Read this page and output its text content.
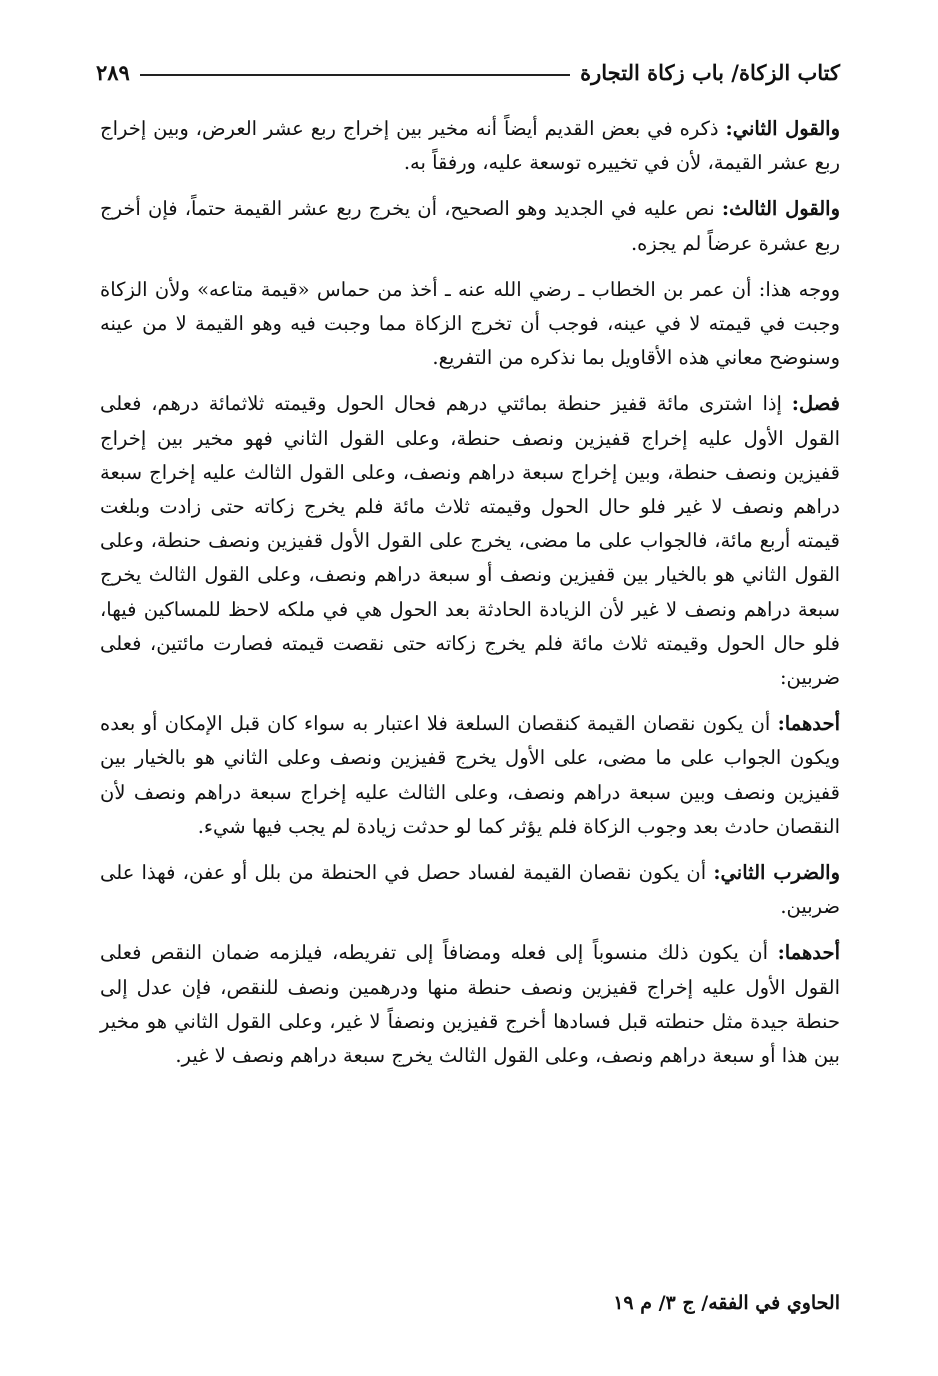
كتاب الزكاة/ باب زكاة التجارة
٢٨٩

والقول الثاني: ذكره في بعض القديم أيضاً أنه مخير بين إخراج ربع عشر العرض، وبين إخراج ربع عشر القيمة، لأن في تخييره توسعة عليه، ورفقاً به.

والقول الثالث: نص عليه في الجديد وهو الصحيح، أن يخرج ربع عشر القيمة حتماً، فإن أخرج ربع عشرة عرضاً لم يجزه.

ووجه هذا: أن عمر بن الخطاب ـ رضي الله عنه ـ أخذ من حماس «قيمة متاعه» ولأن الزكاة وجبت في قيمته لا في عينه، فوجب أن تخرج الزكاة مما وجبت فيه وهو القيمة لا من عينه وسنوضح معاني هذه الأقاويل بما نذكره من التفريع.

فصل: إذا اشترى مائة قفيز حنطة بمائتي درهم فحال الحول وقيمته ثلاثمائة درهم، فعلى القول الأول عليه إخراج قفيزين ونصف حنطة، وعلى القول الثاني فهو مخير بين إخراج قفيزين ونصف حنطة، وبين إخراج سبعة دراهم ونصف، وعلى القول الثالث عليه إخراج سبعة دراهم ونصف لا غير فلو حال الحول وقيمته ثلاث مائة فلم يخرج زكاته حتى زادت وبلغت قيمته أربع مائة، فالجواب على ما مضى، يخرج على القول الأول قفيزين ونصف حنطة، وعلى القول الثاني هو بالخيار بين قفيزين ونصف أو سبعة دراهم ونصف، وعلى القول الثالث يخرج سبعة دراهم ونصف لا غير لأن الزيادة الحادثة بعد الحول هي في ملكه لاحظ للمساكين فيها، فلو حال الحول وقيمته ثلاث مائة فلم يخرج زكاته حتى نقصت قيمته فصارت مائتين، فعلى ضربين:

أحدهما: أن يكون نقصان القيمة كنقصان السلعة فلا اعتبار به سواء كان قبل الإمكان أو بعده ويكون الجواب على ما مضى، على الأول يخرج قفيزين ونصف وعلى الثاني هو بالخيار بين قفيزين ونصف وبين سبعة دراهم ونصف، وعلى الثالث عليه إخراج سبعة دراهم ونصف لأن النقصان حادث بعد وجوب الزكاة فلم يؤثر كما لو حدثت زيادة لم يجب فيها شيء.

والضرب الثاني: أن يكون نقصان القيمة لفساد حصل في الحنطة من بلل أو عفن، فهذا على ضربين.

أحدهما: أن يكون ذلك منسوباً إلى فعله ومضافاً إلى تفريطه، فيلزمه ضمان النقص فعلى القول الأول عليه إخراج قفيزين ونصف حنطة منها ودرهمين ونصف للنقص، فإن عدل إلى حنطة جيدة مثل حنطته قبل فسادها أخرج قفيزين ونصفاً لا غير، وعلى القول الثاني هو مخير بين هذا أو سبعة دراهم ونصف، وعلى القول الثالث يخرج سبعة دراهم ونصف لا غير.

الحاوي في الفقه/ ج ٣/ م ١٩
